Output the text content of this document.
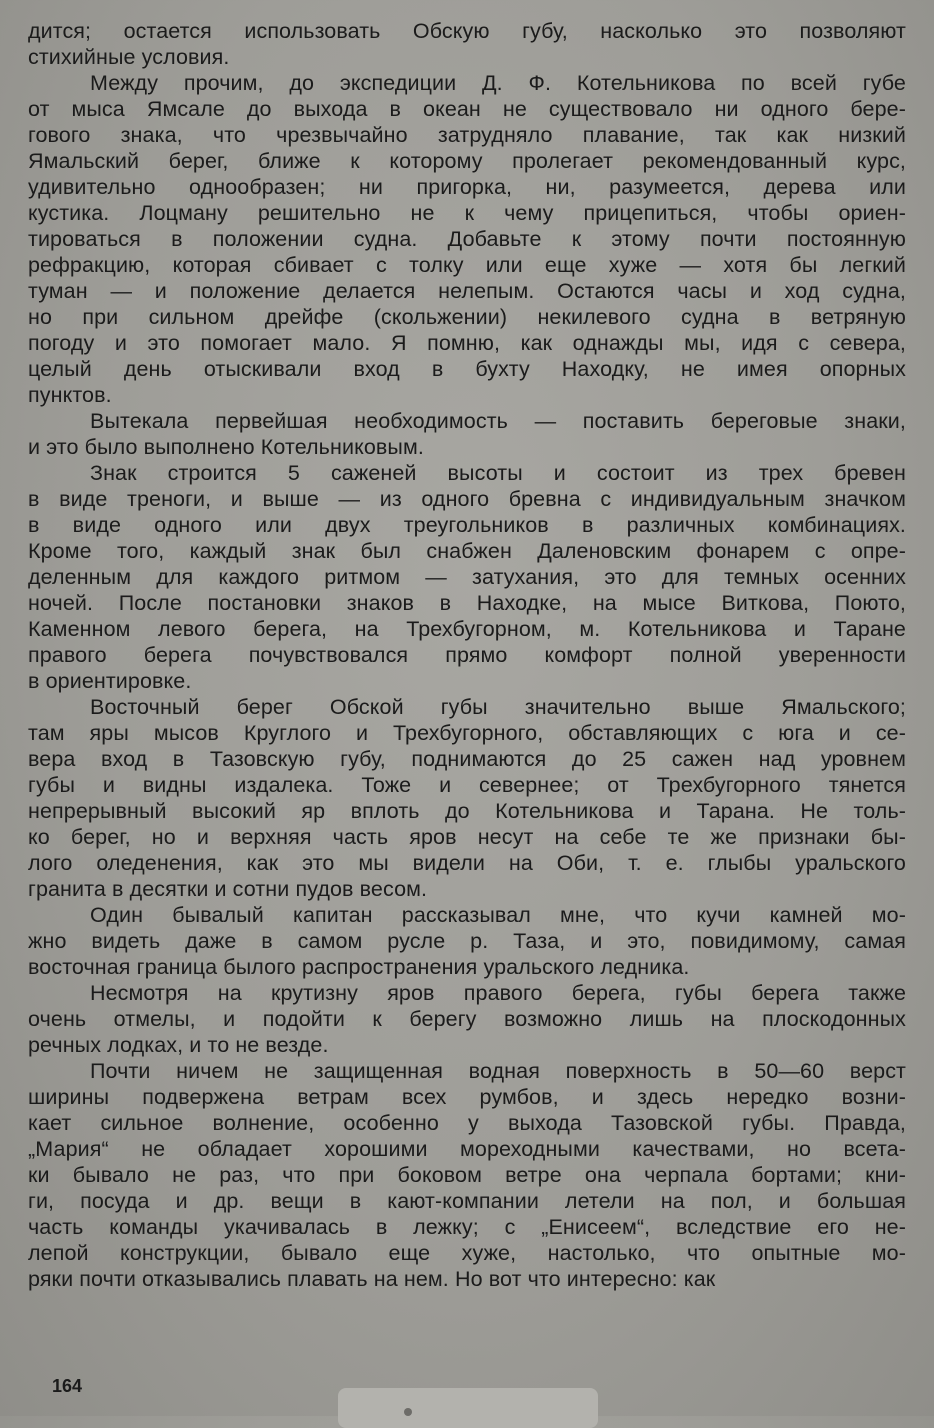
дится; остается использовать Обскую губу, насколько это позволяют
стихийные условия.
Между прочим, до экспедиции Д. Ф. Котельникова по всей губе
от мыса Ямсале до выхода в океан не существовало ни одного бере-
гового знака, что чрезвычайно затрудняло плавание, так как низкий
Ямальский берег, ближе к которому пролегает рекомендованный курс,
удивительно однообразен; ни пригорка, ни, разумеется, дерева или
кустика. Лоцману решительно не к чему прицепиться, чтобы ориен-
тироваться в положении судна. Добавьте к этому почти постоянную
рефракцию, которая сбивает с толку или еще хуже — хотя бы легкий
туман — и положение делается нелепым. Остаются часы и ход судна,
но при сильном дрейфе (скольжении) некилевого судна в ветряную
погоду и это помогает мало. Я помню, как однажды мы, идя с севера,
целый день отыскивали вход в бухту Находку, не имея опорных
пунктов.
Вытекала первейшая необходимость — поставить береговые знаки,
и это было выполнено Котельниковым.
Знак строится 5 саженей высоты и состоит из трех бревен
в виде треноги, и выше — из одного бревна с индивидуальным значком
в виде одного или двух треугольников в различных комбинациях.
Кроме того, каждый знак был снабжен Даленовским фонарем с опре-
деленным для каждого ритмом — затухания, это для темных осенних
ночей. После постановки знаков в Находке, на мысе Виткова, Поюто,
Каменном левого берега, на Трехбугорном, м. Котельникова и Таране
правого берега почувствовался прямо комфорт полной уверенности
в ориентировке.
Восточный берег Обской губы значительно выше Ямальского;
там яры мысов Круглого и Трехбугорного, обставляющих с юга и се-
вера вход в Тазовскую губу, поднимаются до 25 сажен над уровнем
губы и видны издалека. Тоже и севернее; от Трехбугорного тянется
непрерывный высокий яр вплоть до Котельникова и Тарана. Не толь-
ко берег, но и верхняя часть яров несут на себе те же признаки бы-
лого оледенения, как это мы видели на Оби, т. е. глыбы уральского
гранита в десятки и сотни пудов весом.
Один бывалый капитан рассказывал мне, что кучи камней мо-
жно видеть даже в самом русле р. Таза, и это, повидимому, самая
восточная граница былого распространения уральского ледника.
Несмотря на крутизну яров правого берега, губы берега также
очень отмелы, и подойти к берегу возможно лишь на плоскодонных
речных лодках, и то не везде.
Почти ничем не защищенная водная поверхность в 50—60 верст
ширины подвержена ветрам всех румбов, и здесь нередко возни-
кает сильное волнение, особенно у выхода Тазовской губы. Правда,
„Мария“ не обладает хорошими мореходными качествами, но всета-
ки бывало не раз, что при боковом ветре она черпала бортами; кни-
ги, посуда и др. вещи в кают-компании летели на пол, и большая
часть команды укачивалась в лежку; с „Енисеем“, вследствие его не-
лепой конструкции, бывало еще хуже, настолько, что опытные мо-
ряки почти отказывались плавать на нем. Но вот что интересно: как
164
